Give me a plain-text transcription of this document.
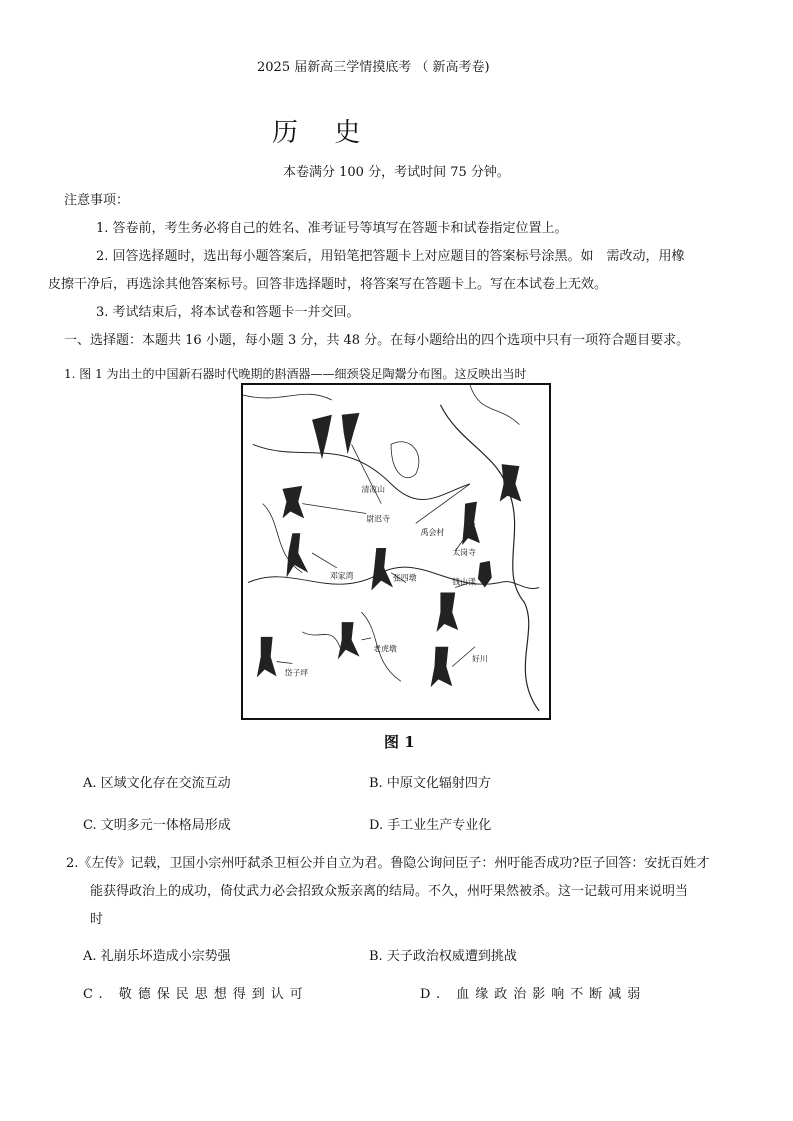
2025 届新高三学情摸底考 （ 新高考卷)
历 史
本卷满分 100 分，考试时间 75 分钟。
注意事项：
1. 答卷前，考生务必将自己的姓名、准考证号等填写在答题卡和试卷指定位置上。
2. 回答选择题时，选出每小题答案后，用铅笔把答题卡上对应题目的答案标号涂黑。如　需改动，用橡
皮擦干净后，再选涂其他答案标号。回答非选择题时，将答案写在答题卡上。写在本试卷上无效。
3. 考试结束后，将本试卷和答题卡一并交回。
一、选择题：本题共 16 小题，每小题 3 分，共 48 分。在每小题给出的四个选项中只有一项符合题目要求。
1. 图 1 为出土的中国新石器时代晚期的斟酒器——细颈袋足陶鬶分布图。这反映出当时
清凉山
尉迟寺
禹会村
太岗寺
邓家湾	张四墩	钱山漾
老虎墩
好川
岱子坪
图 1
A. 区域文化存在交流互动	B. 中原文化辐射四方
C. 文明多元一体格局形成	D. 手工业生产专业化
2.《左传》记载，卫国小宗州吁弑杀卫桓公并自立为君。鲁隐公询问臣子：州吁能否成功?臣子回答：安抚百姓才
能获得政治上的成功，倚仗武力必会招致众叛亲离的结局。不久，州吁果然被杀。这一记载可用来说明当
时
A. 礼崩乐坏造成小宗势强	B. 天子政治权威遭到挑战
C. 敬德保民思想得到认可	D. 血缘政治影响不断减弱
